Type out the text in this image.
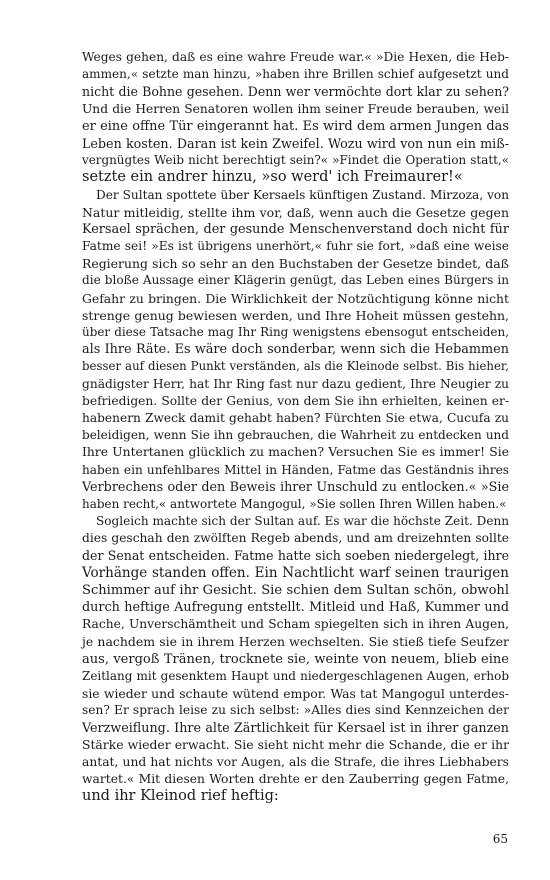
Weges gehen, daß es eine wahre Freude war.« »Die Hexen, die Heb-
ammen,« setzte man hinzu, »haben ihre Brillen schief aufgesetzt und
nicht die Bohne gesehen. Denn wer vermöchte dort klar zu sehen?
Und die Herren Senatoren wollen ihm seiner Freude berauben, weil
er eine offne Tür eingerannt hat. Es wird dem armen Jungen das
Leben kosten. Daran ist kein Zweifel. Wozu wird von nun ein miß-
vergnügtes Weib nicht berechtigt sein?« »Findet die Operation statt,«
setzte ein andrer hinzu, »so werd' ich Freimaurer!«
Der Sultan spottete über Kersaels künftigen Zustand. Mirzoza, von
Natur mitleidig, stellte ihm vor, daß, wenn auch die Gesetze gegen
Kersael sprächen, der gesunde Menschenverstand doch nicht für
Fatme sei! »Es ist übrigens unerhört,« fuhr sie fort, »daß eine weise
Regierung sich so sehr an den Buchstaben der Gesetze bindet, daß
die bloße Aussage einer Klägerin genügt, das Leben eines Bürgers in
Gefahr zu bringen. Die Wirklichkeit der Notzüchtigung könne nicht
strenge genug bewiesen werden, und Ihre Hoheit müssen gestehn,
über diese Tatsache mag Ihr Ring wenigstens ebensogut entscheiden,
als Ihre Räte. Es wäre doch sonderbar, wenn sich die Hebammen
besser auf diesen Punkt verständen, als die Kleinode selbst. Bis hieher,
gnädigster Herr, hat Ihr Ring fast nur dazu gedient, Ihre Neugier zu
befriedigen. Sollte der Genius, von dem Sie ihn erhielten, keinen er-
habenern Zweck damit gehabt haben? Fürchten Sie etwa, Cucufa zu
beleidigen, wenn Sie ihn gebrauchen, die Wahrheit zu entdecken und
Ihre Untertanen glücklich zu machen? Versuchen Sie es immer! Sie
haben ein unfehlbares Mittel in Händen, Fatme das Geständnis ihres
Verbrechens oder den Beweis ihrer Unschuld zu entlocken.« »Sie
haben recht,« antwortete Mangogul, »Sie sollen Ihren Willen haben.«
Sogleich machte sich der Sultan auf. Es war die höchste Zeit. Denn
dies geschah den zwölften Regeb abends, und am dreizehnten sollte
der Senat entscheiden. Fatme hatte sich soeben niedergelegt, ihre
Vorhänge standen offen. Ein Nachtlicht warf seinen traurigen
Schimmer auf ihr Gesicht. Sie schien dem Sultan schön, obwohl
durch heftige Aufregung entstellt. Mitleid und Haß, Kummer und
Rache, Unverschämtheit und Scham spiegelten sich in ihren Augen,
je nachdem sie in ihrem Herzen wechselten. Sie stieß tiefe Seufzer
aus, vergoß Tränen, trocknete sie, weinte von neuem, blieb eine
Zeitlang mit gesenktem Haupt und niedergeschlagenen Augen, erhob
sie wieder und schaute wütend empor. Was tat Mangogul unterdes-
sen? Er sprach leise zu sich selbst: »Alles dies sind Kennzeichen der
Verzweiflung. Ihre alte Zärtlichkeit für Kersael ist in ihrer ganzen
Stärke wieder erwacht. Sie sieht nicht mehr die Schande, die er ihr
antat, und hat nichts vor Augen, als die Strafe, die ihres Liebhabers
wartet.« Mit diesen Worten drehte er den Zauberring gegen Fatme,
und ihr Kleinod rief heftig:
65
